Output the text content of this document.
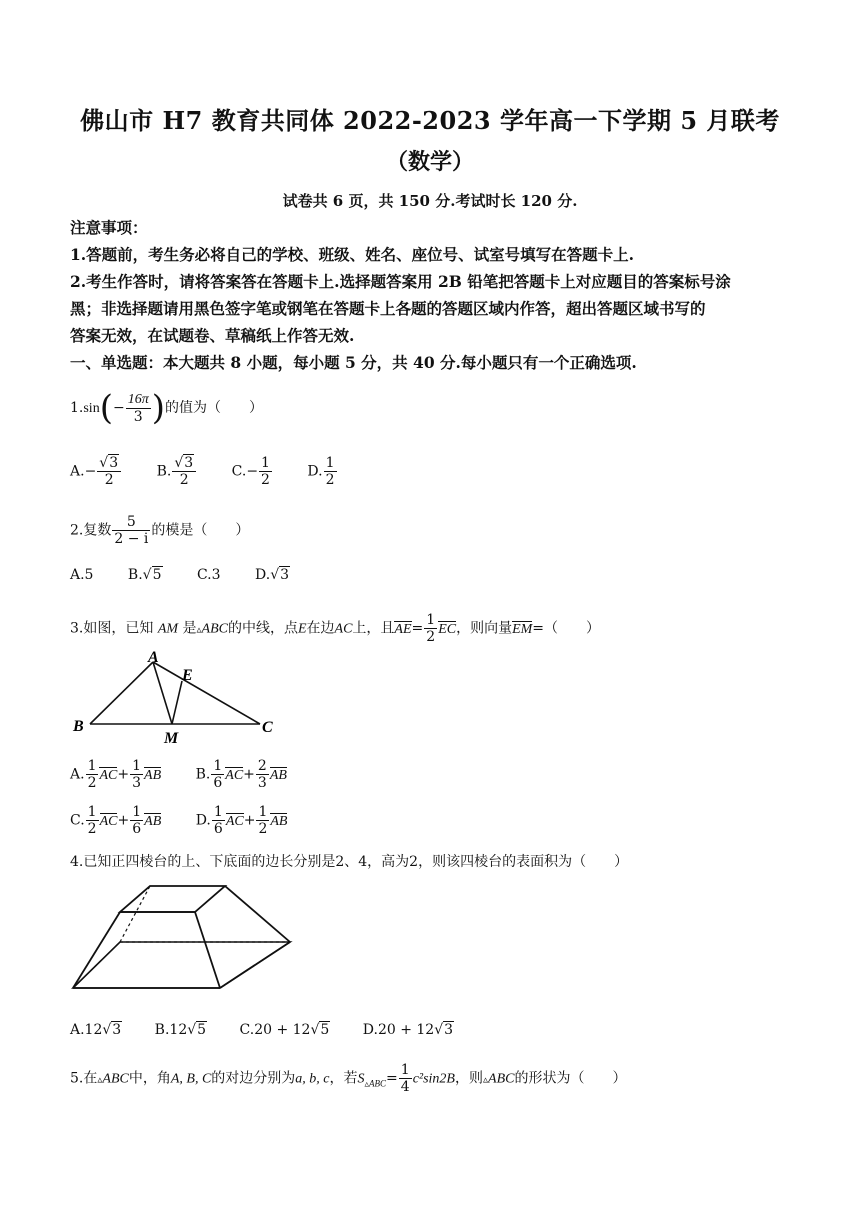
佛山市 H7 教育共同体 2022-2023 学年高一下学期 5 月联考
（数学）
试卷共 6 页，共 150 分.考试时长 120 分.
注意事项：
1.答题前，考生务必将自己的学校、班级、姓名、座位号、试室号填写在答题卡上.
2.考生作答时，请将答案答在答题卡上.选择题答案用 2B 铅笔把答题卡上对应题目的答案标号涂
黑；非选择题请用黑色签字笔或钢笔在答题卡上各题的答题区域内作答，超出答题区域书写的
答案无效，在试题卷、草稿纸上作答无效.
一、单选题：本大题共 8 小题，每小题 5 分，共 40 分.每小题只有一个正确选项.
$1.\sin(- \frac{16\pi}{3}$ )的值为（　　）
$A.- \frac{√3}{2}$	B. $\frac{√3}{2}$	$C.- \frac{1}{2}$	D. $\frac{1}{2}$
2.复数 $\frac{5}{2 - i}$ 的模是（　　）
A.5 B.√5	C.3 D.√3
3.如图，已知 AM 是▵ABC的中线，点E在边AC上，且$AE= \frac{1}{2}$ EC，则向量EM=（　　）
A
E
B	C
M
A. $\frac{1}{2} AC+ \frac{1}{3}$ AB B. $\frac{1}{6} AC+ \frac{2}{3}$ AB
C. $\frac{1}{2} AC+ \frac{1}{6}$ AB D. $\frac{1}{6} AC+ \frac{1}{2}$ AB
4.已知正四棱台的上、下底面的边长分别是2、4，高为2，则该四棱台的表面积为（　　）
A.12√3 B.12√5 C.20 + 12√5 D.20 + 12√3
5.在▵ABC中，角A, B, C的对边分别为a, b, c，若$S_{▵ABC}= \frac{1}{4} c^2\sin 2B$，则▵ABC的形状为（　　）
